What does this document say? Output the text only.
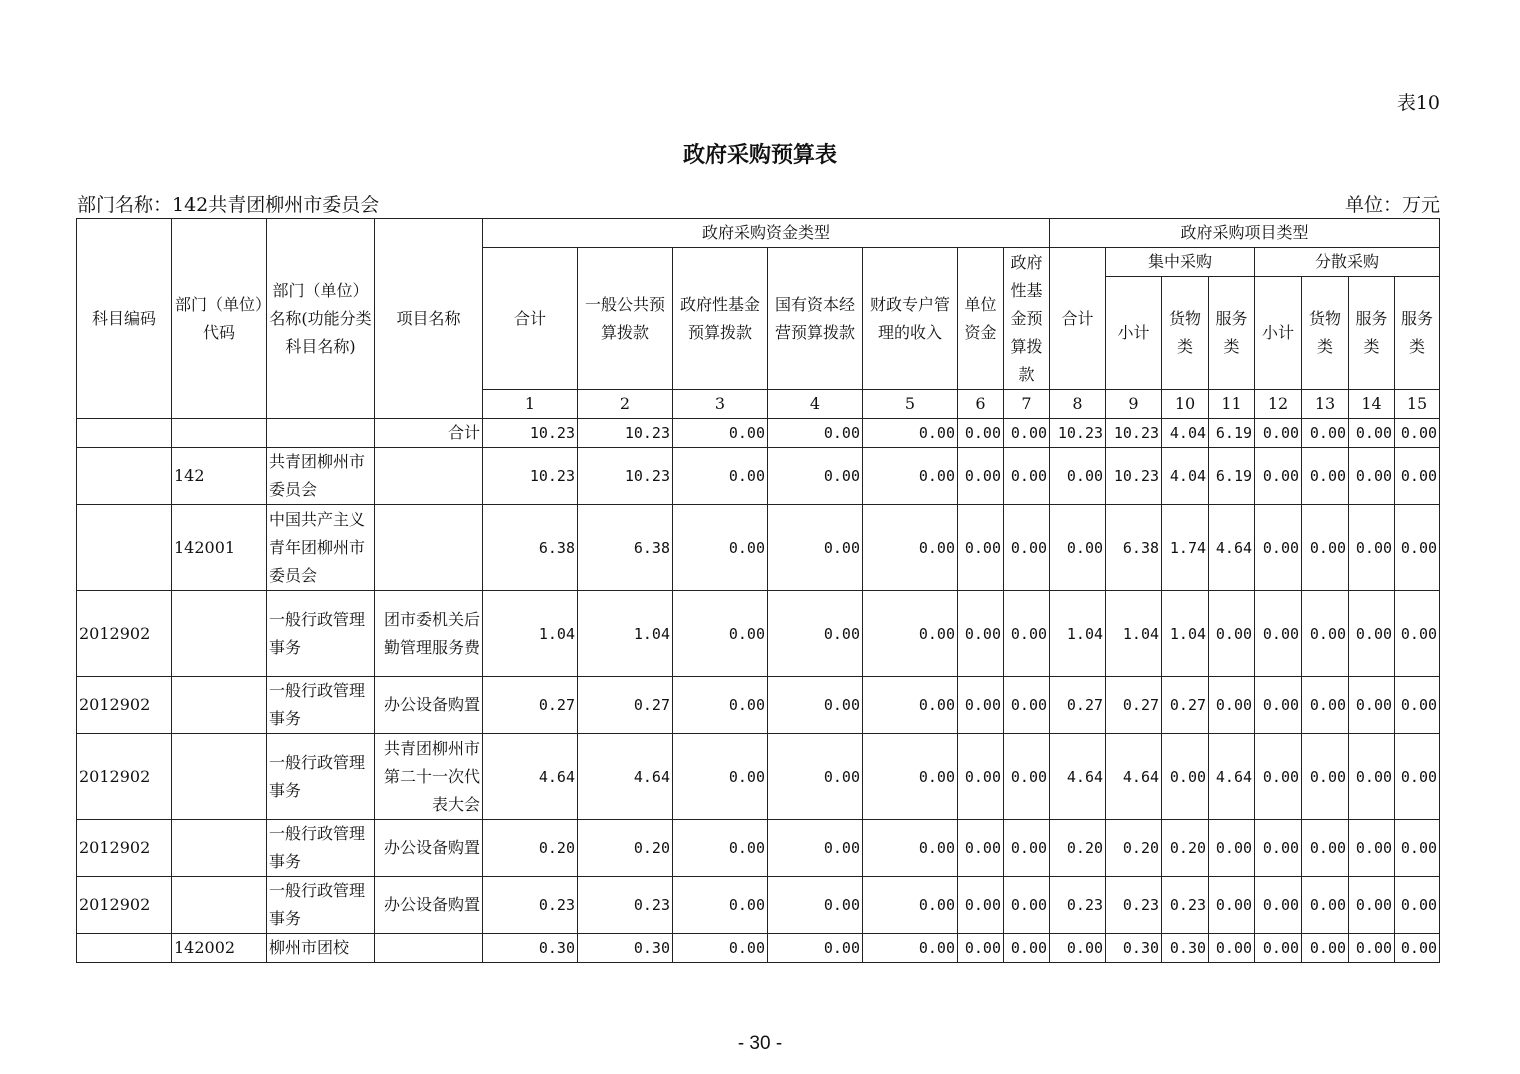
表10
政府采购预算表
部门名称：142共青团柳州市委员会	单位：万元
科目编码	部门（单位）代码	部门（单位）名称(功能分类科目名称)	项目名称	政府采购资金类型							政府采购项目类型							
				合计	一般公共预算拨款	政府性基金预算拨款	国有资本经营预算拨款	财政专户管理的收入	单位资金	政府性基金预算拨款	合计	集中采购			分散采购			
												小计	货物类	服务类	小计	货物类	服务类	服务类
				1	2	3	4	5	6	7	8	9	10	11	12	13	14	15
			合计	10.23	10.23	0.00	0.00	0.00	0.00	0.00	10.23	10.23	4.04	6.19	0.00	0.00	0.00	0.00
	142	共青团柳州市委员会		10.23	10.23	0.00	0.00	0.00	0.00	0.00	0.00	10.23	4.04	6.19	0.00	0.00	0.00	0.00
	142001	中国共产主义青年团柳州市委员会		6.38	6.38	0.00	0.00	0.00	0.00	0.00	0.00	6.38	1.74	4.64	0.00	0.00	0.00	0.00
2012902		一般行政管理事务	团市委机关后勤管理服务费	1.04	1.04	0.00	0.00	0.00	0.00	0.00	1.04	1.04	1.04	0.00	0.00	0.00	0.00	0.00
2012902		一般行政管理事务	办公设备购置	0.27	0.27	0.00	0.00	0.00	0.00	0.00	0.27	0.27	0.27	0.00	0.00	0.00	0.00	0.00
2012902		一般行政管理事务	共青团柳州市第二十一次代表大会	4.64	4.64	0.00	0.00	0.00	0.00	0.00	4.64	4.64	0.00	4.64	0.00	0.00	0.00	0.00
2012902		一般行政管理事务	办公设备购置	0.20	0.20	0.00	0.00	0.00	0.00	0.00	0.20	0.20	0.20	0.00	0.00	0.00	0.00	0.00
2012902		一般行政管理事务	办公设备购置	0.23	0.23	0.00	0.00	0.00	0.00	0.00	0.23	0.23	0.23	0.00	0.00	0.00	0.00	0.00
	142002	柳州市团校		0.30	0.30	0.00	0.00	0.00	0.00	0.00	0.00	0.30	0.30	0.00	0.00	0.00	0.00	0.00
- 30 -
